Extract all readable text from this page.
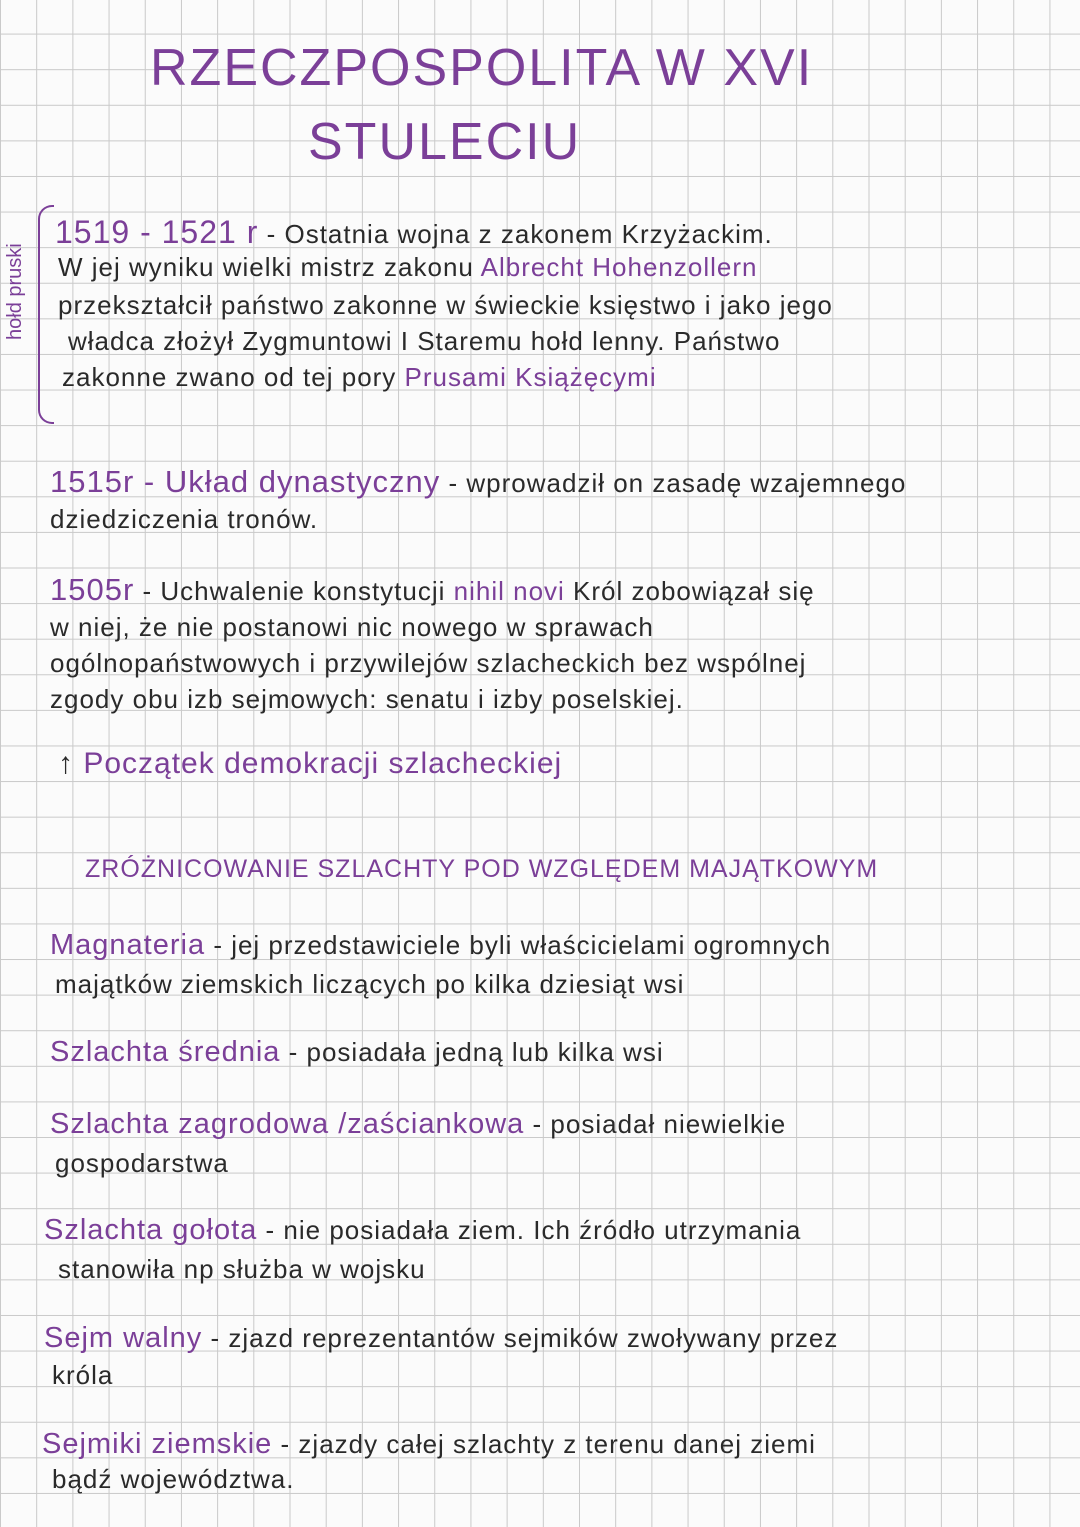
RZECZPOSPOLITA W XVI
STULECIU
hołd pruski
1519 - 1521 r - Ostatnia wojna z zakonem Krzyżackim.
W jej wyniku wielki mistrz zakonu Albrecht Hohenzollern
przekształcił państwo zakonne w świeckie księstwo i jako jego
władca złożył Zygmuntowi I Staremu hołd lenny. Państwo
zakonne zwano od tej pory Prusami Książęcymi
1515r - Układ dynastyczny - wprowadził on zasadę wzajemnego
dziedziczenia tronów.
1505r - Uchwalenie konstytucji nihil novi Król zobowiązał się
w niej, że nie postanowi nic nowego w sprawach
ogólnopaństwowych i przywilejów szlacheckich bez wspólnej
zgody obu izb sejmowych: senatu i izby poselskiej.
↑ Początek demokracji szlacheckiej
ZRÓŻNICOWANIE SZLACHTY POD WZGLĘDEM MAJĄTKOWYM
Magnateria - jej przedstawiciele byli właścicielami ogromnych
majątków ziemskich liczących po kilka dziesiąt wsi
Szlachta średnia - posiadała jedną lub kilka wsi
Szlachta zagrodowa /zaściankowa - posiadał niewielkie
gospodarstwa
Szlachta gołota - nie posiadała ziem. Ich źródło utrzymania
stanowiła np służba w wojsku
Sejm walny - zjazd reprezentantów sejmików zwoływany przez
króla
Sejmiki ziemskie - zjazdy całej szlachty z terenu danej ziemi
bądź województwa.
